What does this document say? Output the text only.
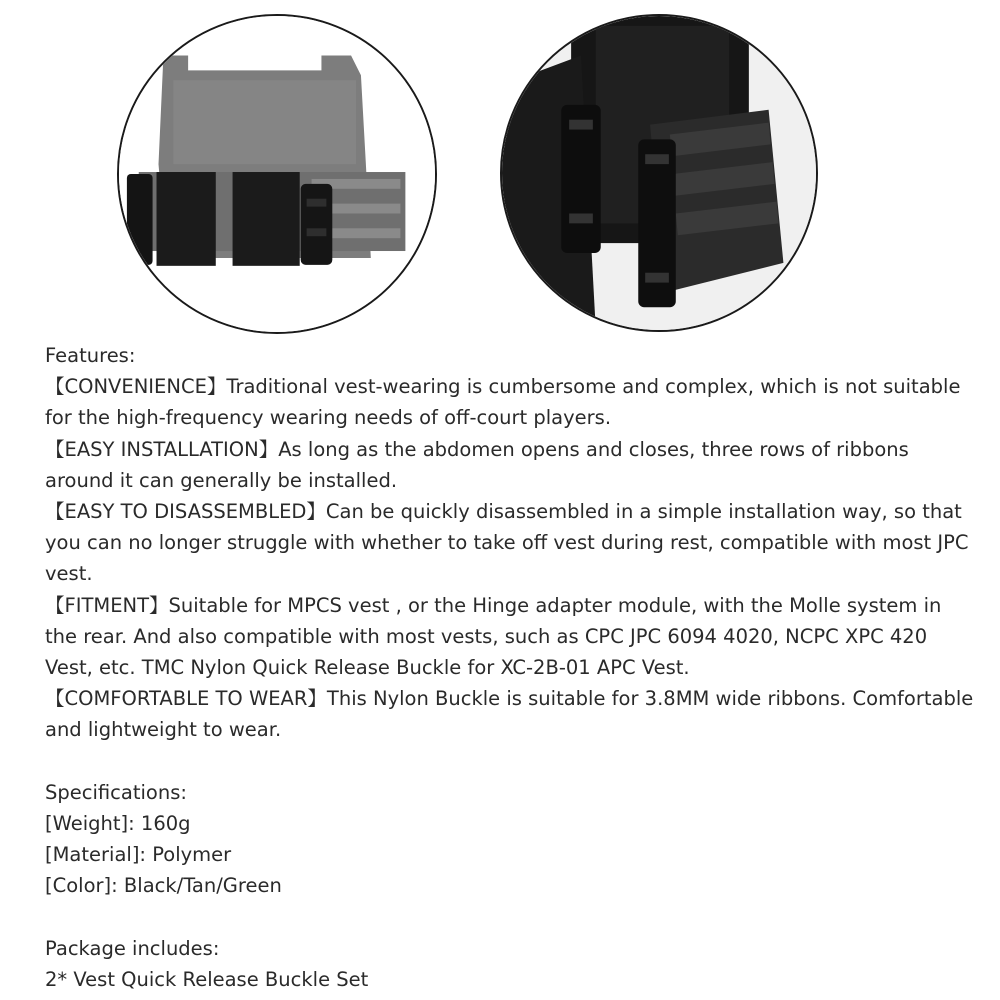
Features:

【CONVENIENCE】Traditional vest-wearing is cumbersome and complex, which is not suitable for the high-frequency wearing needs of off-court players.

【EASY INSTALLATION】As long as the abdomen opens and closes, three rows of ribbons around it can generally be installed.

【EASY TO DISASSEMBLED】Can be quickly disassembled in a simple installation way, so that you can no longer struggle with whether to take off vest during rest, compatible with most JPC vest.

【FITMENT】Suitable for MPCS vest , or the Hinge adapter module, with the Molle system in the rear. And also compatible with most vests, such as CPC JPC 6094 4020, NCPC XPC 420 Vest, etc. TMC Nylon Quick Release Buckle for XC-2B-01 APC Vest.

【COMFORTABLE TO WEAR】This Nylon Buckle is suitable for 3.8MM wide ribbons. Comfortable and lightweight to wear.

Specifications:

[Weight]: 160g

[Material]: Polymer

[Color]: Black/Tan/Green

Package includes:

2* Vest Quick Release Buckle Set
